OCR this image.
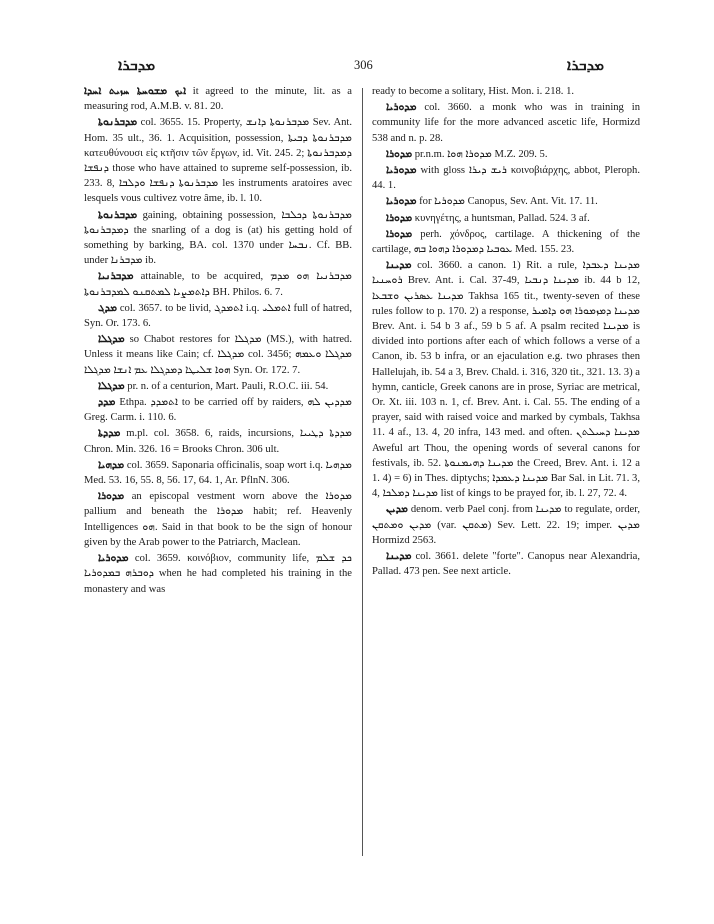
ܡܕܒܪܐ	306	ܡܕܒܪܐ

ܐܝܟ ܡܫܘܚܬܐ ܚܙܝܬ ܐܚܕܐ it agreed to the minute, lit. as a measuring rod, A.M.B. v. 81. 20.

ܡܕܒܪܢܘܬܐ col. 3655. 15. Property, ܡܕܒܪܢܘܬܐ ܕܐܢܫ Sev. Ant. Hom. 35 ult., 36. 1. Acquisition, possession, ܡܕܒܪܢܘܬܐ ܕܒܝܬܐ κατευθύνουσι εἰς κτῆσιν τῶν ἔργων, id. Vit. 245. 2; ܕܡܕܒܪܢܘܬܐ ܕܢܦܫܐ those who have attained to supreme self-possession, ib. 233. 8, ܡܕܒܪܢܘܬܐ ܕܢܦܫܐ ܘܕܠܒܐ les instruments aratoires avec lesquels vous cultivez votre âme, ib. l. 10.

ܡܕܒܪܢܘܬܐ gaining, obtaining possession, ܡܕܒܪܢܘܬܐ ܕܟܠܒܐ ܕܡܕܒܪܢܘܬܐ the snarling of a dog is (at) his getting hold of something by barking, BA. col. 1370 under ܢܒܚܐ. Cf. BB. under ܡܕܒܪܢܐ ib.

ܡܕܒܪܢܝܐ attainable, to be acquired, ܡܕܒܪܢܝܐ ܗܘ ܡܕܡ ܕܐܬܡܨܝܐ ܠܡܬܩܢܘ ܠܡܕܒܪܢܘܬܐ BH. Philos. 6. 7.

ܡܕܓ col. 3657. to be livid, ܐܬܡܕܓ i.q. ܐܬܡܠܝ full of hatred, Syn. Or. 173. 6.

ܡܕܓܠܐ so Chabot restores for ܡܕܓܠܐ (MS.), with hatred. Unless it means like Cain; cf. ܡܕܓܠܐ col. 3456; ܡܕܓܠܐ ܘܥܡܗ ܗܘܐ ܫܠܝܛܐ ܕܡܕܓܠܐ ܥܡ ܐܢܫܐ ܡܕܓܠܐ Syn. Or. 172. 7.

ܡܕܓܠܐ pr. n. of a centurion, Mart. Pauli, R.O.C. iii. 54.

ܡܕܕ Ethpa. ܐܬܡܕܕ to be carried off by raiders, ܡܕܕܝܢ ܠܗ Greg. Carm. i. 110. 6.

ܡܕܕܬܐ m.pl. col. 3658. 6, raids, incursions, ܡܕܕܬܐ ܕܛܝܝܐ Chron. Min. 326. 16 = Brooks Chron. 306 ult.

ܡܕܗܝܐ col. 3659. Saponaria officinalis, soap wort i.q. ܡܕܗܝܐ Med. 53. 16, 55. 8, 56. 17, 64. 1, Ar. PflnN. 306.

ܡܕܘܪܐ an episcopal vestment worn above the ܡܕܘܪܐ pallium and beneath the ܡܕܘܪܐ habit; ref. Heavenly Intelligences ܗܘ. Said in that book to be the sign of honour given by the Arab power to the Patriarch, Maclean.

ܡܕܘܪܝܐ col. 3659. κοινόβιον, community life, ܟܕ ܫܠܡ ܕܘܒܪܗ ܒܡܕܘܪܝܐ when he had completed his training in the monastery and was

ready to become a solitary, Hist. Mon. i. 218. 1.

ܡܕܘܪܝܐ col. 3660. a monk who was in training in community life for the more advanced ascetic life, Hormizd 538 and n. p. 28.

ܡܕܘܪܐ pr.n.m. ܡܕܘܪܐ ܗܘܐ M.Z. 209. 5.

ܡܕܘܪܝܐ with gloss ܪܝܫ ܕܝܪܐ κοινοβιάρχης, abbot, Pleroph. 44. 1.

ܡܕܘܪܝܐ for ܡܕܘܪܝܐ Canopus, Sev. Ant. Vit. 17. 11.

ܡܕܘܪܐ κυνηγέτης, a huntsman, Pallad. 524. 3 af.

ܡܕܘܪܐ perh. χόνδρος, cartilage. A thickening of the cartilage, ܥܘܒܝܐ ܕܡܕܘܪܐ ܕܗܘܐ ܒܗ Med. 155. 23.

ܡܕܝܢܐ col. 3660. a canon. 1) Rit. a rule, ܡܕܝܢܐ ܕܥܒܕܐ ܪܘܚܢܝܐ Brev. Ant. i. Cal. 37-49, ܡܕܝܢܐ ܕܢܒܝܐ ib. 44 b 12, ܡܕܝܢܐ ܥܣܪܝܢ ܘܫܒܥܐ Takhsa 165 tit., twenty-seven of these rules follow to p. 170. 2) a response, ܡܕܝܢܐ ܕܡܙܡܘܪܐ ܗܘ ܕܐܡܝܪ Brev. Ant. i. 54 b 3 af., 59 b 5 af. A psalm recited ܡܕܝܢܐ is divided into portions after each of which follows a verse of a Canon, ib. 53 b infra, or an ejaculation e.g. two phrases then Hallelujah, ib. 54 a 3, Brev. Chald. i. 316, 320 tit., 321. 13. 3) a hymn, canticle, Greek canons are in prose, Syriac are metrical, Or. Xt. iii. 103 n. 1, cf. Brev. Ant. i. Cal. 55. The ending of a prayer, said with raised voice and marked by cymbals, Takhsa 11. 4 af., 13. 4, 20 infra, 143 med. and often. ܡܕܝܢܐ ܕܚܝܠܬܢ Aweful art Thou, the opening words of several canons for festivals, ib. 52. ܡܕܝܢܐ ܕܗܝܡܢܘܬܐ the Creed, Brev. Ant. i. 12 a 1. 4) = 6) in Thes. diptychs; ܡܕܝܢܐ ܕܥܡܕܐ Bar Sal. in Lit. 71. 3, 4, ܡܕܝܢܐ ܕܡܠܟܐ list of kings to be prayed for, ib. l. 27, 72. 4.

ܡܕܝܢ denom. verb Pael conj. from ܡܕܝܢܐ to regulate, order, ܡܕܝܢ ܘܡܬܩܢ (var. ܡܬܩܢ) Sev. Lett. 22. 19; imper. ܡܕܝܢ Hormizd 2563.

ܡܕܝܢܐ col. 3661. delete "forte". Canopus near Alexandria, Pallad. 473 pen. See next article.
